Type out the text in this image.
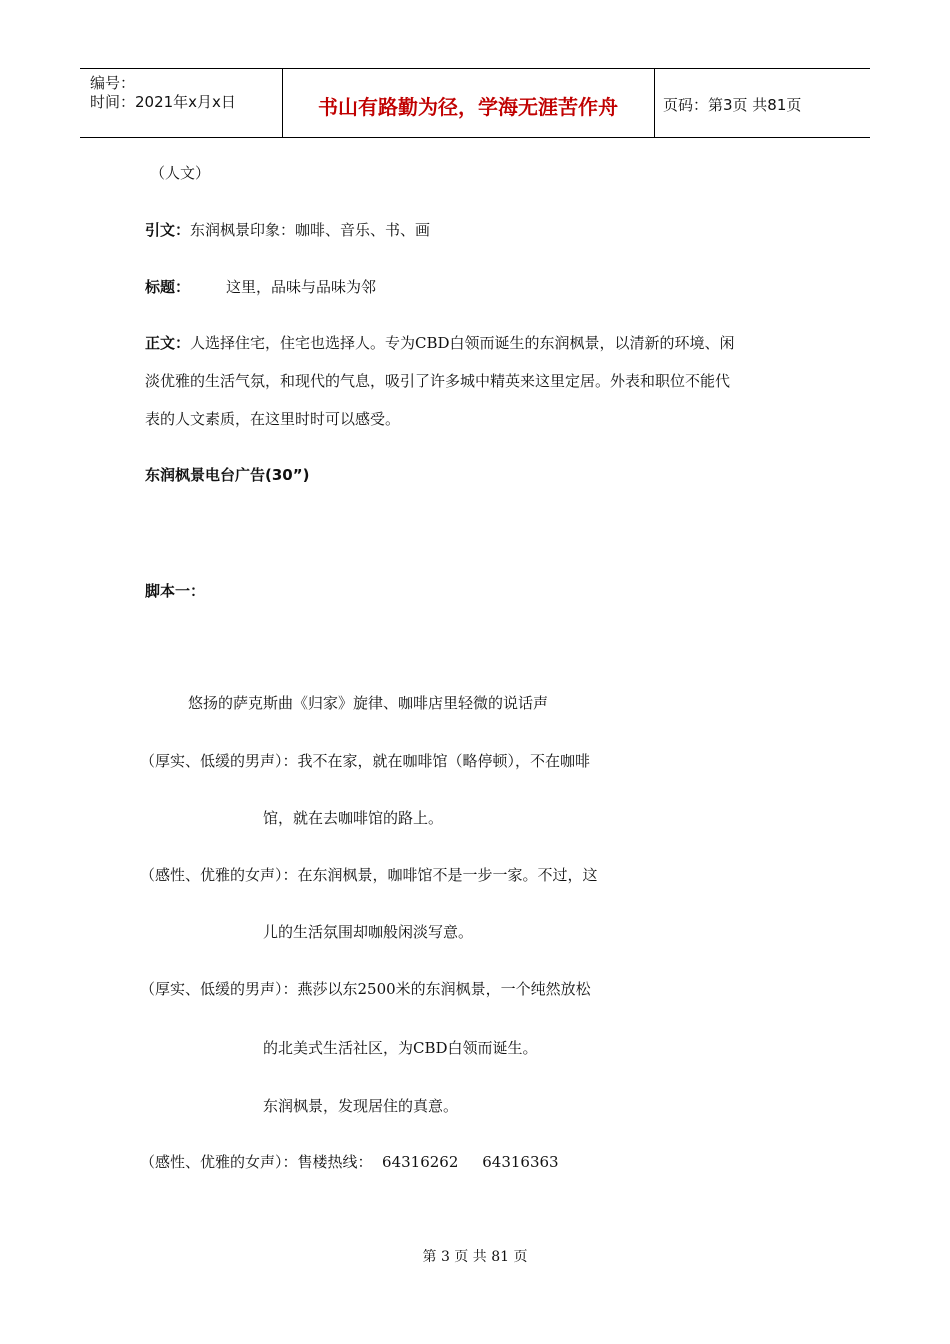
编号：
时间：2021年x月x日	书山有路勤为径，学海无涯苦作舟	页码：第3页 共81页
（人文）
引文：东润枫景印象：咖啡、音乐、书、画
标题： 这里，品味与品味为邻
正文：人选择住宅，住宅也选择人。专为CBD白领而诞生的东润枫景，以清新的环境、闲
淡优雅的生活气氛，和现代的气息，吸引了许多城中精英来这里定居。外表和职位不能代
表的人文素质，在这里时时可以感受。
东润枫景电台广告(30”)
脚本一：
悠扬的萨克斯曲《归家》旋律、咖啡店里轻微的说话声
（厚实、低缓的男声）：我不在家，就在咖啡馆（略停顿），不在咖啡
馆，就在去咖啡馆的路上。
（感性、优雅的女声）：在东润枫景，咖啡馆不是一步一家。不过，这
儿的生活氛围却咖般闲淡写意。
（厚实、低缓的男声）：燕莎以东2500米的东润枫景，一个纯然放松
的北美式生活社区，为CBD白领而诞生。
东润枫景，发现居住的真意。
（感性、优雅的女声）：售楼热线：  64316262     64316363
第 3 页 共 81 页
